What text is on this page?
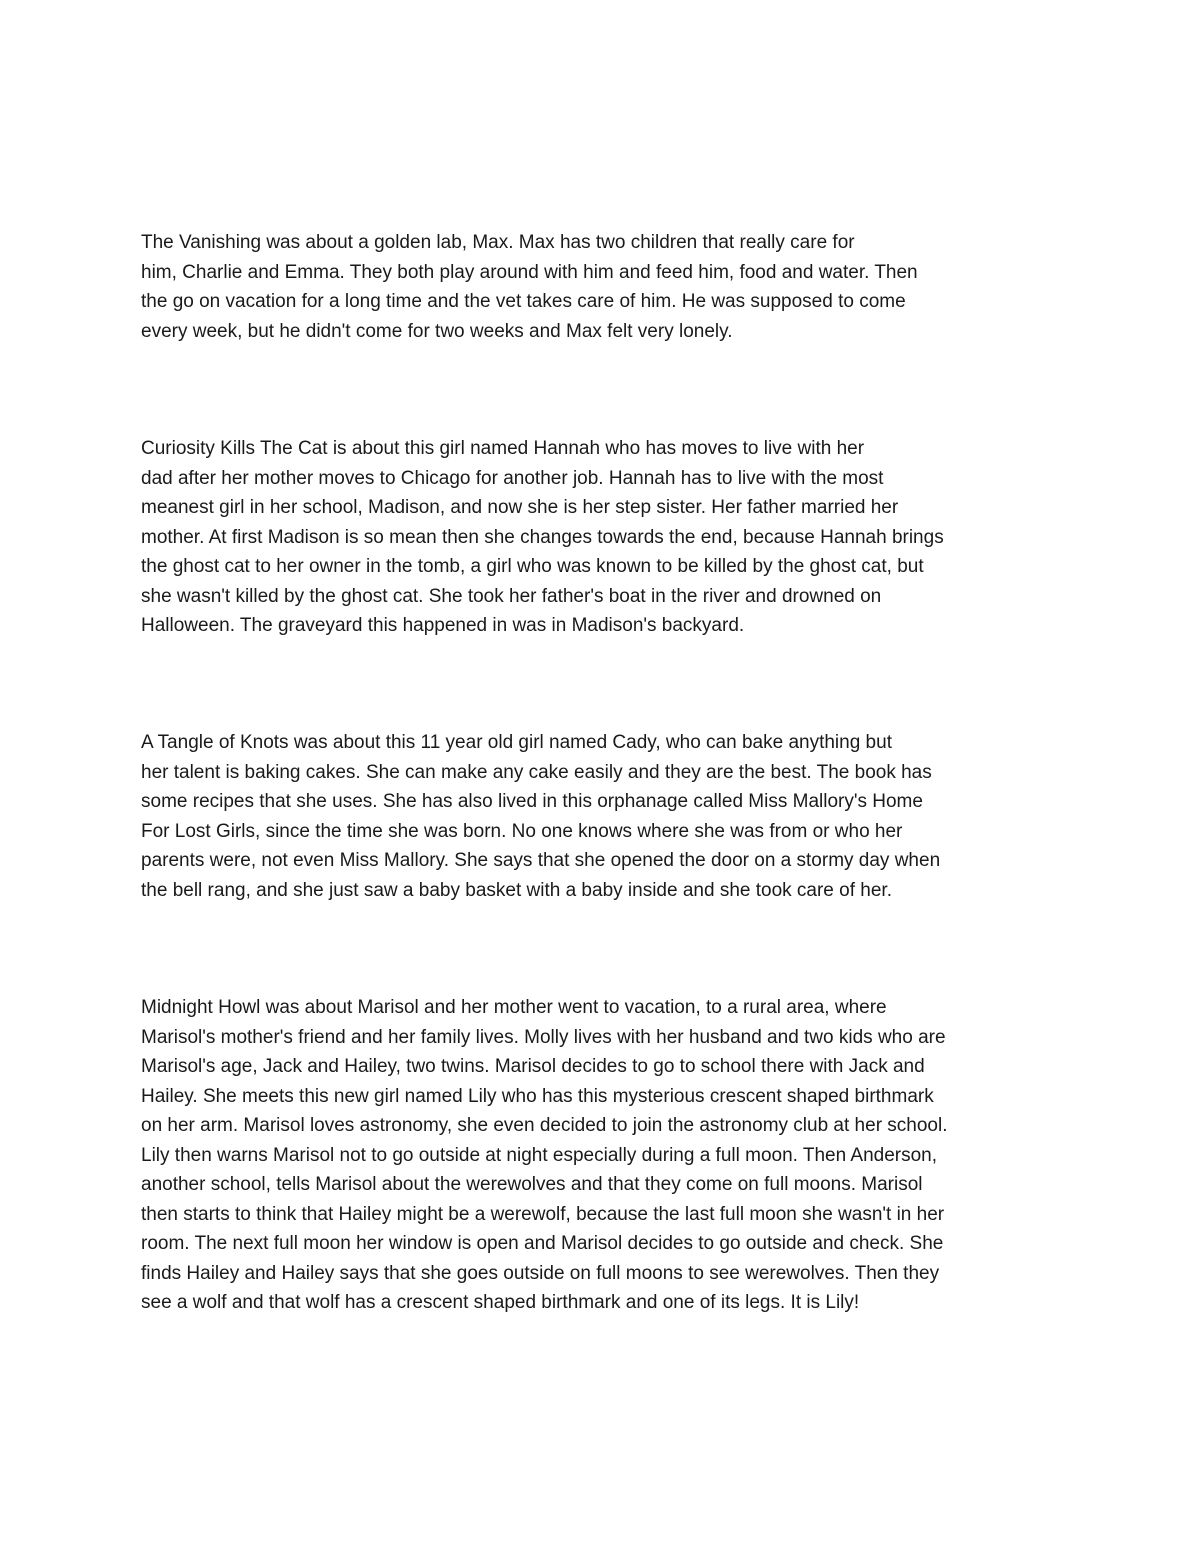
The Vanishing was about a golden lab, Max. Max has two children that really care for
him, Charlie and Emma. They both play around with him and feed him, food and water. Then
the go on vacation for a long time and the vet takes care of him. He was supposed to come
every week, but he didn't come for two weeks and Max felt very lonely.

Curiosity Kills The Cat is about this girl named Hannah who has moves to live with her
dad after her mother moves to Chicago for another job. Hannah has to live with the most
meanest girl in her school, Madison, and now she is her step sister. Her father married her
mother. At first Madison is so mean then she changes towards the end, because Hannah brings
the ghost cat to her owner in the tomb, a girl who was known to be killed by the ghost cat, but
she wasn't killed by the ghost cat. She took her father's boat in the river and drowned on
Halloween. The graveyard this happened in was in Madison's backyard.

A Tangle of Knots was about this 11 year old girl named Cady, who can bake anything but
her talent is baking cakes. She can make any cake easily and they are the best. The book has
some recipes that she uses. She has also lived in this orphanage called Miss Mallory's Home
For Lost Girls, since the time she was born. No one knows where she was from or who her
parents were, not even Miss Mallory. She says that she opened the door on a stormy day when
the bell rang, and she just saw a baby basket with a baby inside and she took care of her.

Midnight Howl was about Marisol and her mother went to vacation, to a rural area, where
Marisol's mother's friend and her family lives. Molly lives with her husband and two kids who are
Marisol's age, Jack and Hailey, two twins. Marisol decides to go to school there with Jack and
Hailey. She meets this new girl named Lily who has this mysterious crescent shaped birthmark
on her arm. Marisol loves astronomy, she even decided to join the astronomy club at her school.
Lily then warns Marisol not to go outside at night especially during a full moon. Then Anderson,
another school, tells Marisol about the werewolves and that they come on full moons. Marisol
then starts to think that Hailey might be a werewolf, because the last full moon she wasn't in her
room. The next full moon her window is open and Marisol decides to go outside and check. She
finds Hailey and Hailey says that she goes outside on full moons to see werewolves. Then they
see a wolf and that wolf has a crescent shaped birthmark and one of its legs. It is Lily!
